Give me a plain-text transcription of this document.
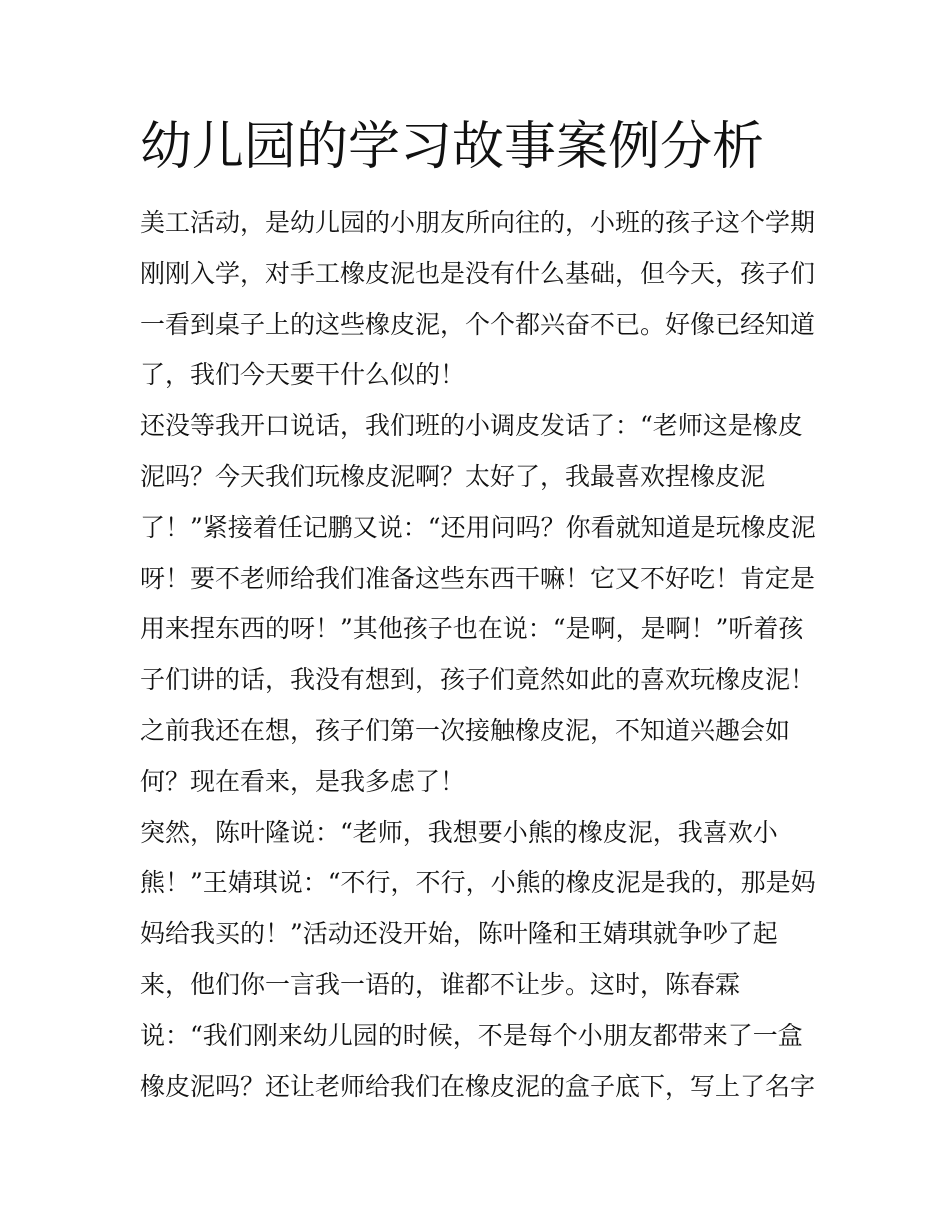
幼儿园的学习故事案例分析
美工活动，是幼儿园的小朋友所向往的，小班的孩子这个学期
刚刚入学，对手工橡皮泥也是没有什么基础，但今天，孩子们
一看到桌子上的这些橡皮泥，个个都兴奋不已。好像已经知道
了，我们今天要干什么似的！
还没等我开口说话，我们班的小调皮发话了：“老师这是橡皮
泥吗？今天我们玩橡皮泥啊？太好了，我最喜欢捏橡皮泥
了！”紧接着任记鹏又说：“还用问吗？你看就知道是玩橡皮泥
呀！要不老师给我们准备这些东西干嘛！它又不好吃！肯定是
用来捏东西的呀！”其他孩子也在说：“是啊，是啊！”听着孩
子们讲的话，我没有想到，孩子们竟然如此的喜欢玩橡皮泥！
之前我还在想，孩子们第一次接触橡皮泥，不知道兴趣会如
何？现在看来，是我多虑了！
突然，陈叶隆说：“老师，我想要小熊的橡皮泥，我喜欢小
熊！”王婧琪说：“不行，不行，小熊的橡皮泥是我的，那是妈
妈给我买的！”活动还没开始，陈叶隆和王婧琪就争吵了起
来，他们你一言我一语的，谁都不让步。这时，陈春霖
说：“我们刚来幼儿园的时候，不是每个小朋友都带来了一盒
橡皮泥吗？还让老师给我们在橡皮泥的盒子底下，写上了名字
